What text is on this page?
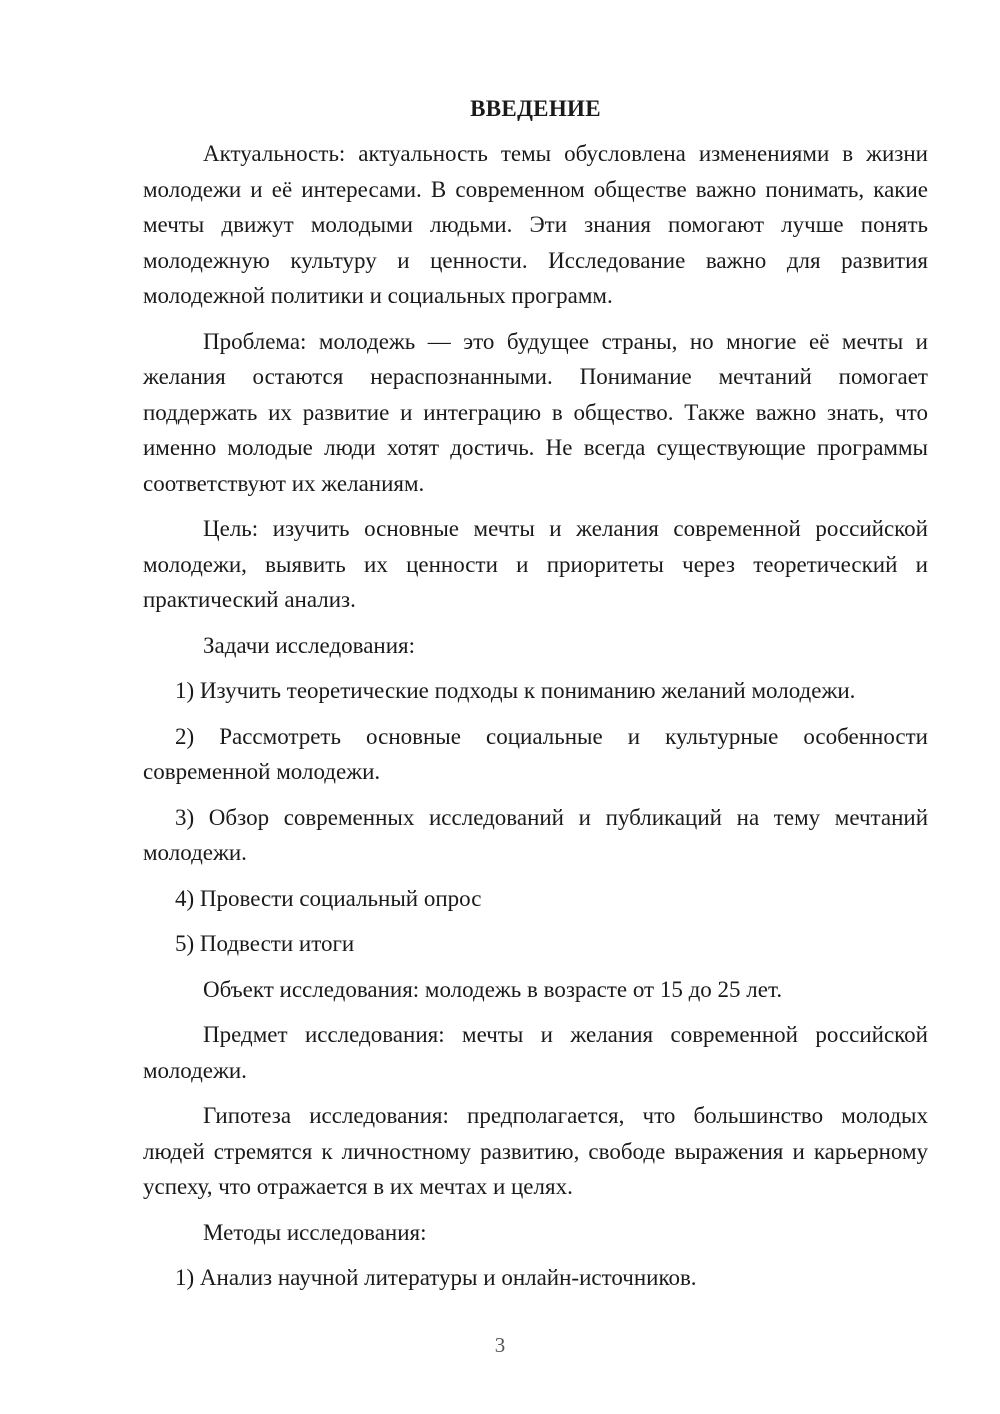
ВВЕДЕНИЕ

Актуальность: актуальность темы обусловлена изменениями в жизни молодежи и её интересами. В современном обществе важно понимать, какие мечты движут молодыми людьми. Эти знания помогают лучше понять молодежную культуру и ценности. Исследование важно для развития молодежной политики и социальных программ.

Проблема: молодежь — это будущее страны, но многие её мечты и желания остаются нераспознанными. Понимание мечтаний помогает поддержать их развитие и интеграцию в общество. Также важно знать, что именно молодые люди хотят достичь. Не всегда существующие программы соответствуют их желаниям.

Цель: изучить основные мечты и желания современной российской молодежи, выявить их ценности и приоритеты через теоретический и практический анализ.

Задачи исследования:

1) Изучить теоретические подходы к пониманию желаний молодежи.

2) Рассмотреть основные социальные и культурные особенности современной молодежи.

3) Обзор современных исследований и публикаций на тему мечтаний молодежи.

4) Провести социальный опрос

5) Подвести итоги

Объект исследования: молодежь в возрасте от 15 до 25 лет.

Предмет исследования: мечты и желания современной российской молодежи.

Гипотеза исследования: предполагается, что большинство молодых людей стремятся к личностному развитию, свободе выражения и карьерному успеху, что отражается в их мечтах и целях.

Методы исследования:

1) Анализ научной литературы и онлайн-источников.

3
